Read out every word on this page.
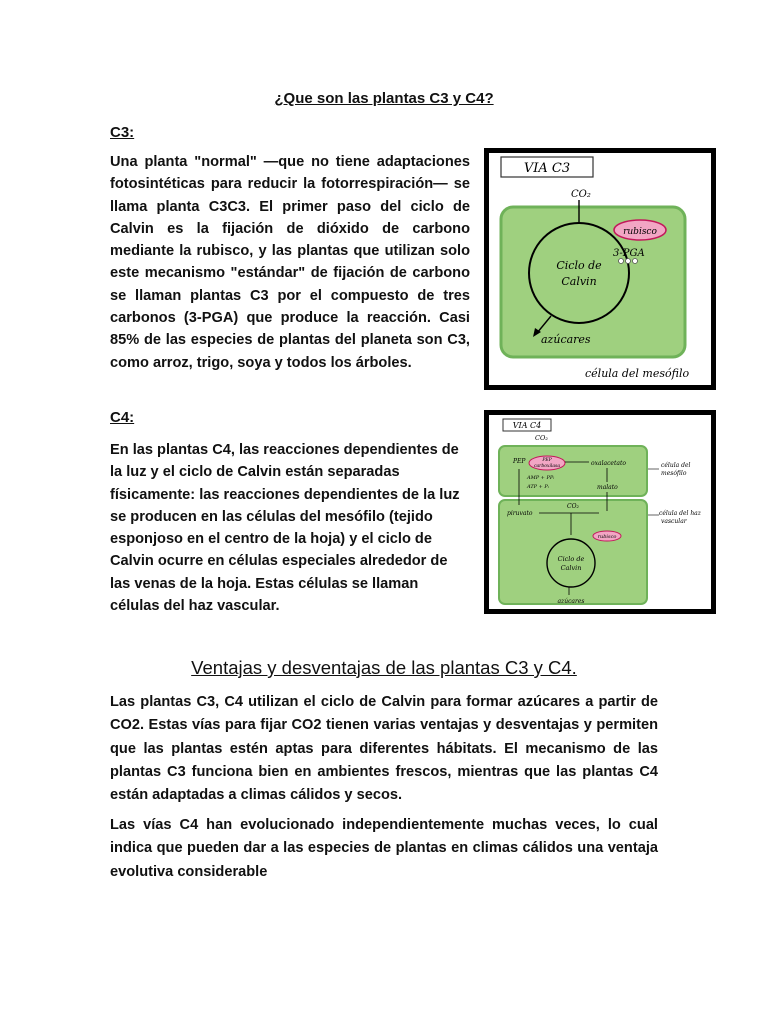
¿Que son las plantas C3 y C4?
C3:

Una planta "normal" —que no tiene adaptaciones fotosintéticas para reducir la fotorrespiración— se llama planta C3C3. El primer paso del ciclo de Calvin es la fijación de dióxido de carbono mediante la rubisco, y las plantas que utilizan solo este mecanismo "estándar" de fijación de carbono se llaman plantas C3 por el compuesto de tres carbonos (3-PGA) que produce la reacción. Casi 85% de las especies de plantas del planeta son C3, como arroz, trigo, soya y todos los árboles.

C4:

En las plantas C4, las reacciones dependientes de la luz y el ciclo de Calvin están separadas físicamente: las reacciones dependientes de la luz se producen en las células del mesófilo (tejido esponjoso en el centro de la hoja) y el ciclo de Calvin ocurre en células especiales alrededor de las venas de la hoja. Estas células se llaman células del haz vascular.

VIA C3
CO₂
rubisco
3-PGA
Ciclo de
Calvin
azúcares
célula del mesófilo
VIA C4
CO₂
PEP	PEP
carboxilasa	oxalacetato
AMP + PPᵢ
ATP + Pᵢ	malato
piruvato
CO₂
rubisco
Ciclo de
Calvin
azúcares
célula del
mesófilo
célula del haz
vascular
Ventajas y desventajas de las plantas C3 y C4.

Las plantas C3, C4 utilizan el ciclo de Calvin para formar azúcares a partir de CO2. Estas vías para fijar CO2 tienen varias ventajas y desventajas y permiten que las plantas estén aptas para diferentes hábitats. El mecanismo de las plantas C3 funciona bien en ambientes frescos, mientras que las plantas C4 están adaptadas a climas cálidos y secos.

Las vías C4 han evolucionado independientemente muchas veces, lo cual indica que pueden dar a las especies de plantas en climas cálidos una ventaja evolutiva considerable
